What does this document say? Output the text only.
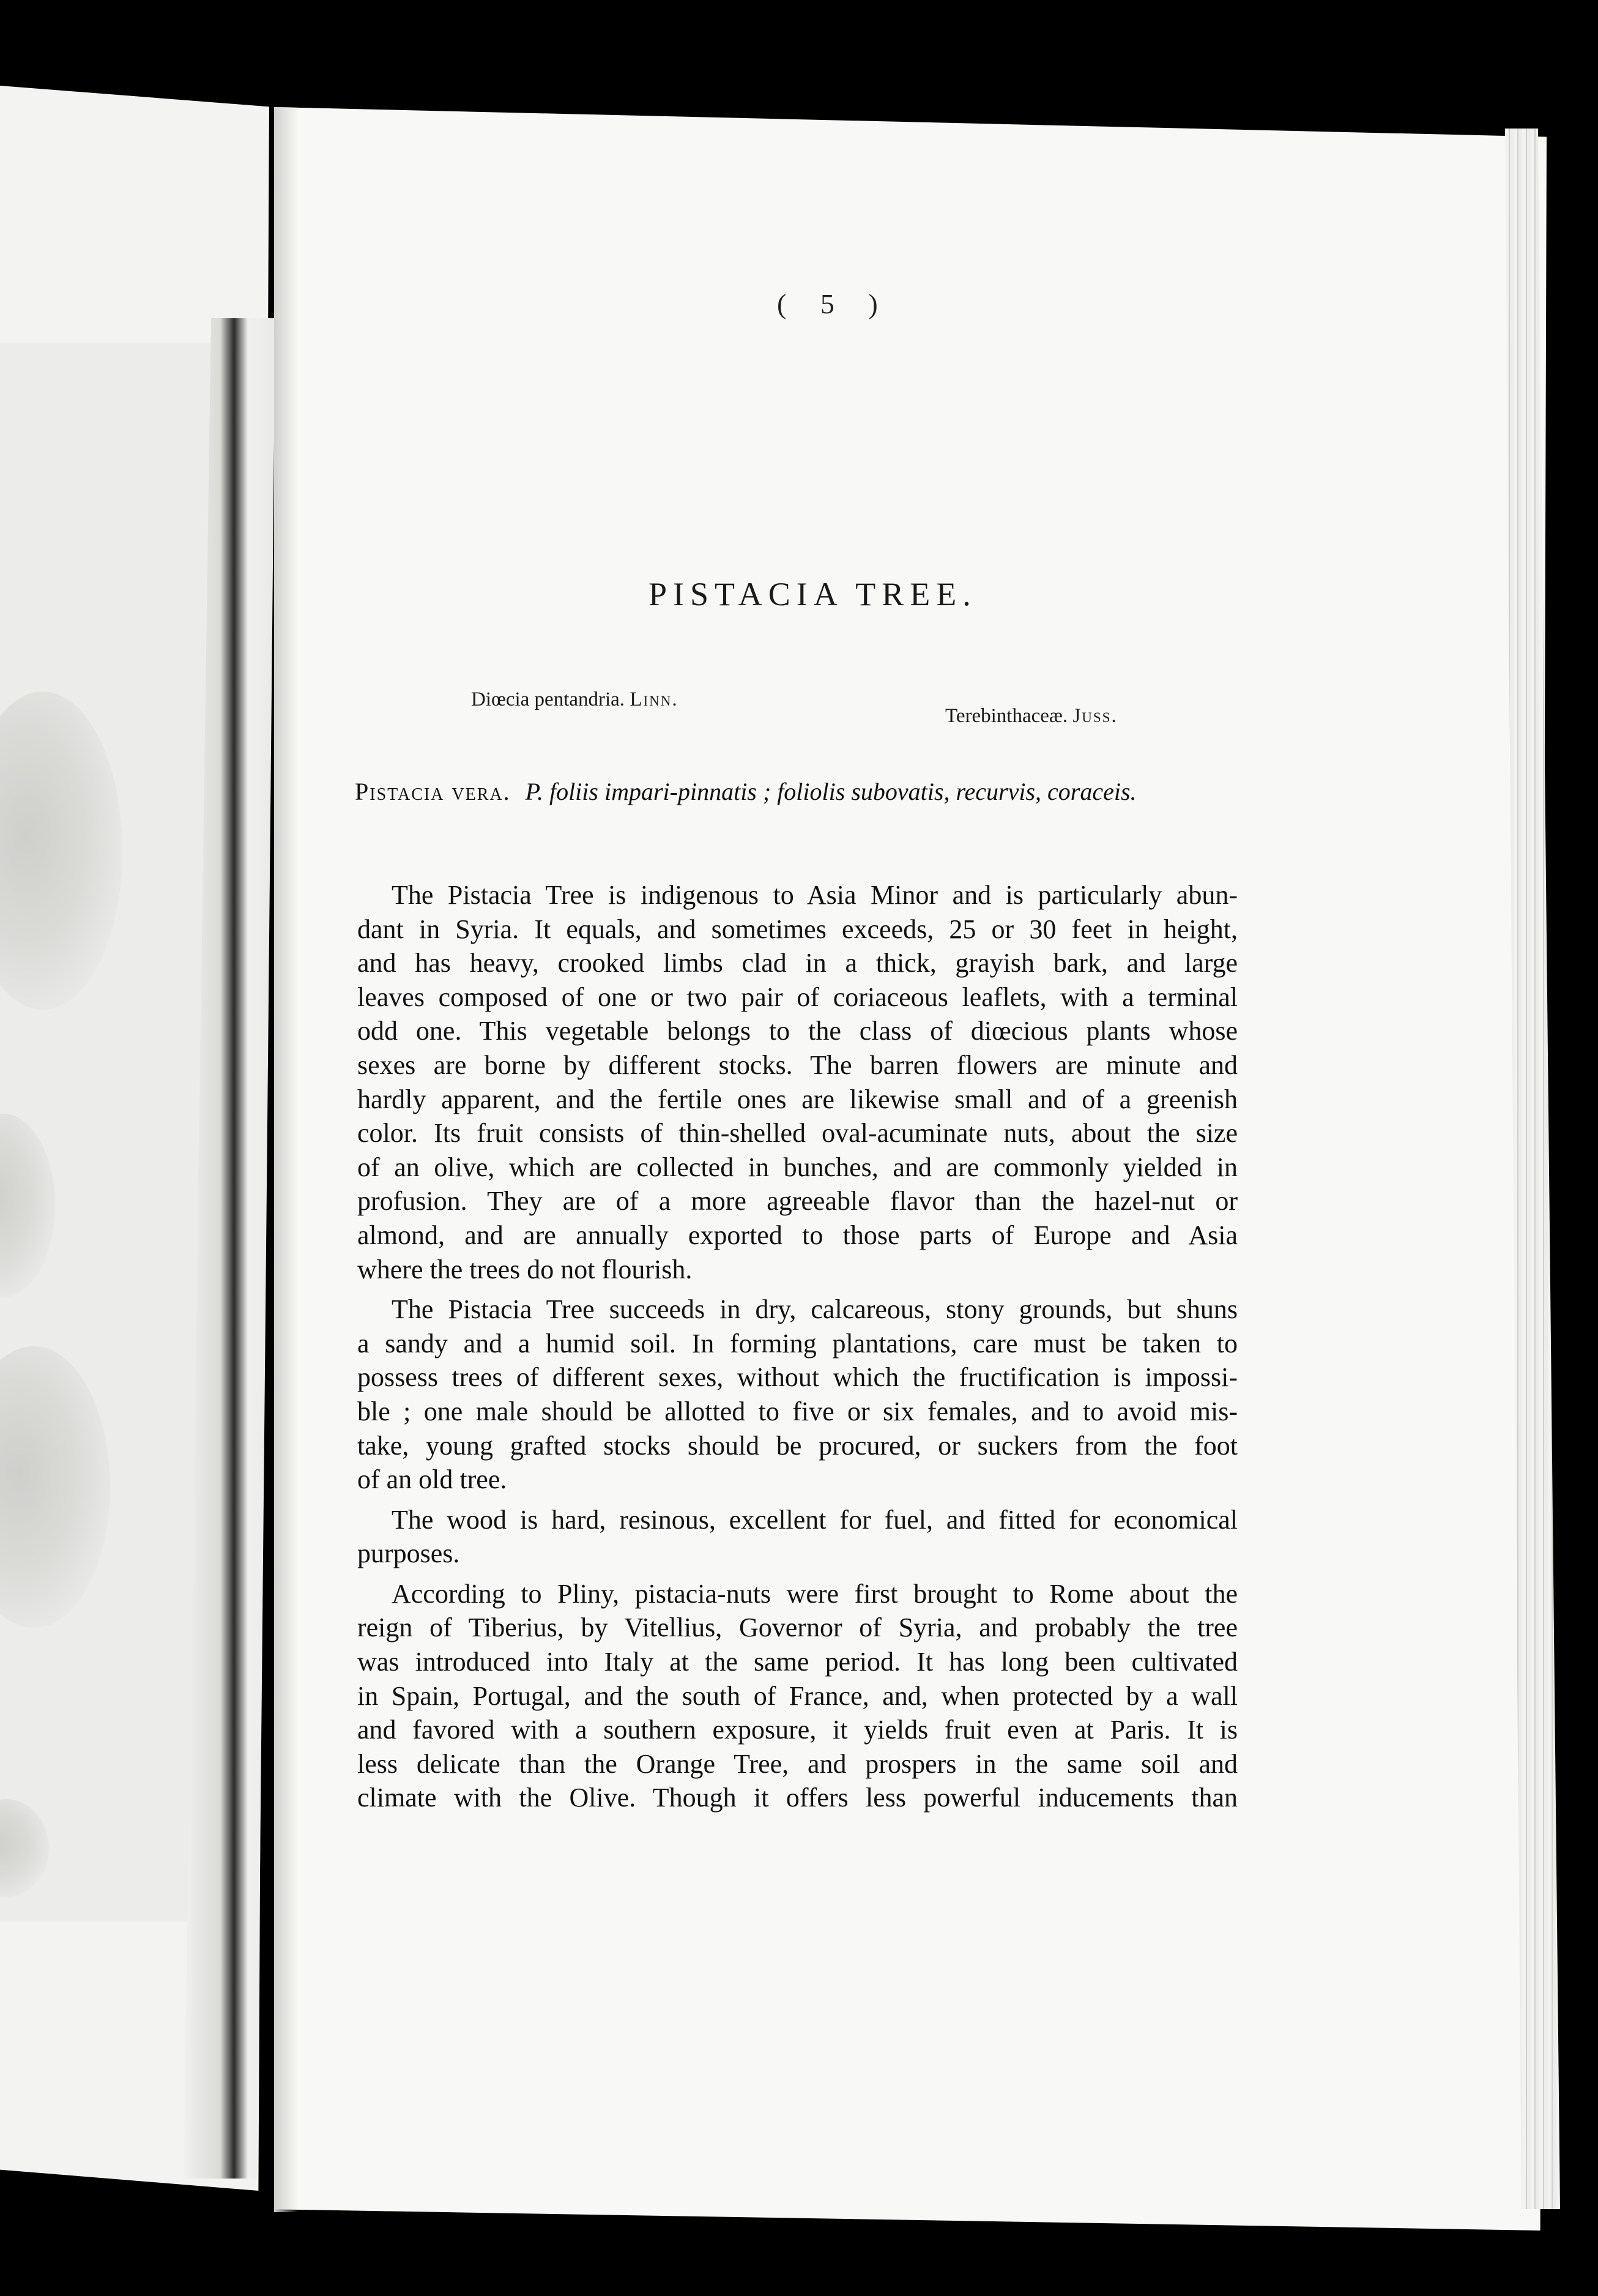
( 5 )
PISTACIA TREE.
Diœcia pentandria. Linn.
Terebinthaceæ. Juss.
Pistacia vera. P. foliis impari-pinnatis ; foliolis subovatis, recurvis, coraceis.
The Pistacia Tree is indigenous to Asia Minor and is particularly abun-
dant in Syria. It equals, and sometimes exceeds, 25 or 30 feet in height,
and has heavy, crooked limbs clad in a thick, grayish bark, and large
leaves composed of one or two pair of coriaceous leaflets, with a terminal
odd one. This vegetable belongs to the class of diœcious plants whose
sexes are borne by different stocks. The barren flowers are minute and
hardly apparent, and the fertile ones are likewise small and of a greenish
color. Its fruit consists of thin-shelled oval-acuminate nuts, about the size
of an olive, which are collected in bunches, and are commonly yielded in
profusion. They are of a more agreeable flavor than the hazel-nut or
almond, and are annually exported to those parts of Europe and Asia
where the trees do not flourish.
The Pistacia Tree succeeds in dry, calcareous, stony grounds, but shuns
a sandy and a humid soil. In forming plantations, care must be taken to
possess trees of different sexes, without which the fructification is impossi-
ble ; one male should be allotted to five or six females, and to avoid mis-
take, young grafted stocks should be procured, or suckers from the foot
of an old tree.
The wood is hard, resinous, excellent for fuel, and fitted for economical
purposes.
According to Pliny, pistacia-nuts were first brought to Rome about the
reign of Tiberius, by Vitellius, Governor of Syria, and probably the tree
was introduced into Italy at the same period. It has long been cultivated
in Spain, Portugal, and the south of France, and, when protected by a wall
and favored with a southern exposure, it yields fruit even at Paris. It is
less delicate than the Orange Tree, and prospers in the same soil and
climate with the Olive. Though it offers less powerful inducements than
